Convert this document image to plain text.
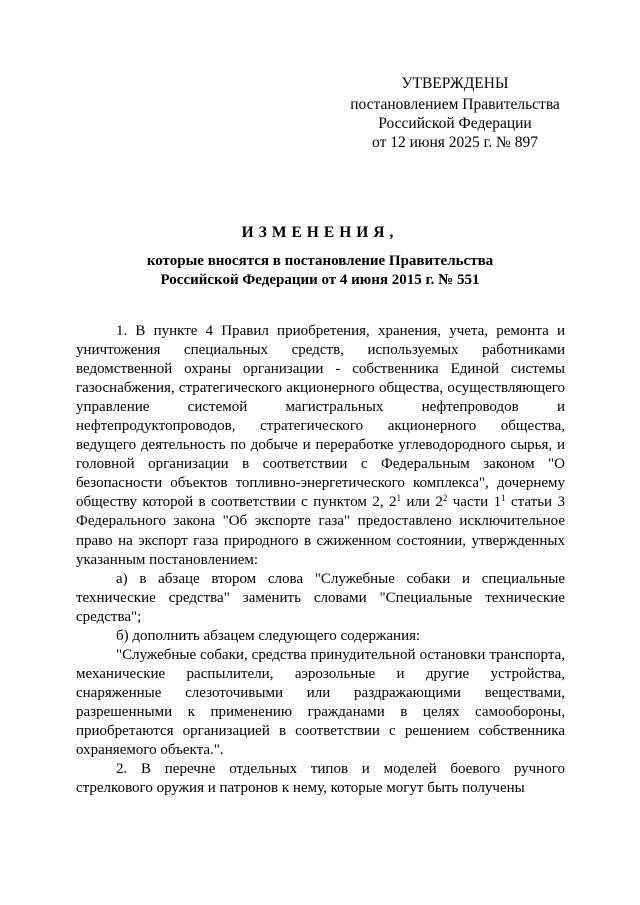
УТВЕРЖДЕНЫ
постановлением Правительства
Российской Федерации
от 12 июня 2025 г. № 897
ИЗМЕНЕНИЯ,
которые вносятся в постановление Правительства
Российской Федерации от 4 июня 2015 г. № 551

1. В пункте 4 Правил приобретения, хранения, учета, ремонта и уничтожения специальных средств, используемых работниками ведомственной охраны организации - собственника Единой системы газоснабжения, стратегического акционерного общества, осуществляющего управление системой магистральных нефтепроводов и нефтепродуктопроводов, стратегического акционерного общества, ведущего деятельность по добыче и переработке углеводородного сырья, и головной организации в соответствии с Федеральным законом "О безопасности объектов топливно-энергетического комплекса", дочернему обществу которой в соответствии с пунктом 2, $2^1$ или $2^2$ части $1^1$ статьи 3 Федерального закона "Об экспорте газа" предоставлено исключительное право на экспорт газа природного в сжиженном состоянии, утвержденных указанным постановлением:

а) в абзаце втором слова "Служебные собаки и специальные технические средства" заменить словами "Специальные технические средства";

б) дополнить абзацем следующего содержания:

"Служебные собаки, средства принудительной остановки транспорта, механические распылители, аэрозольные и другие устройства, снаряженные слезоточивыми или раздражающими веществами, разрешенными к применению гражданами в целях самообороны, приобретаются организацией в соответствии с решением собственника охраняемого объекта.".

2. В перечне отдельных типов и моделей боевого ручного стрелкового оружия и патронов к нему, которые могут быть получены
